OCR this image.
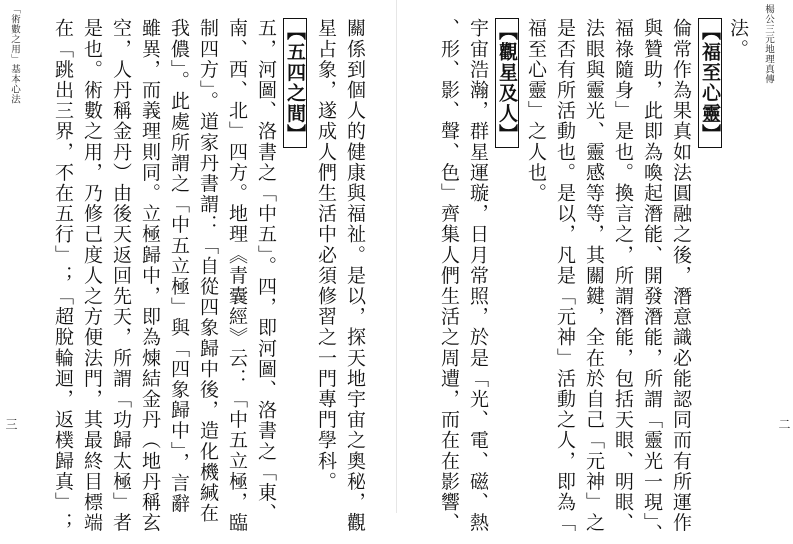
楊公三元地理真傳
法。
【福至心靈】
倫常作為果真如法圓融之後，潛意識必能認同而有所運作
與贊助，此即為喚起潛能、開發潛能，所謂「靈光一現」、
福祿隨身」是也。換言之，所謂潛能，包括天眼、明眼、
法眼與靈光、靈感等等，其關鍵，全在於自己「元神」之
是否有所活動也。是以，凡是「元神」活動之人，即為「
福至心靈」之人也。
【觀星及人】
宇宙浩瀚，群星運璇，日月常照，於是「光、電、磁、熱
、形、影、聲、色」齊集人們生活之周遭，而在在影響、	二
「術數之用」基本心法	關係到個人的健康與福祉。是以，探天地宇宙之奧秘，觀
星占象，遂成人們生活中必須修習之一門專門學科。
【五四之間】
五，河圖、洛書之「中五」。四，即河圖、洛書之「東、
南、西、北」四方。地理《青囊經》云：「中五立極，臨
制四方」。道家丹書謂：「自從四象歸中後，造化機緘在
我儂」。此處所謂之「中五立極」與「四象歸中」，言辭
雖異，而義理則同。立極歸中，即為煉結金丹（地丹稱玄
空，人丹稱金丹）由後天返回先天，所謂「功歸太極」者
是也。術數之用，乃修己度人之方便法門，其最終目標端
在「跳出三界，不在五行」；「超脫輪迴，返樸歸真」；
三
